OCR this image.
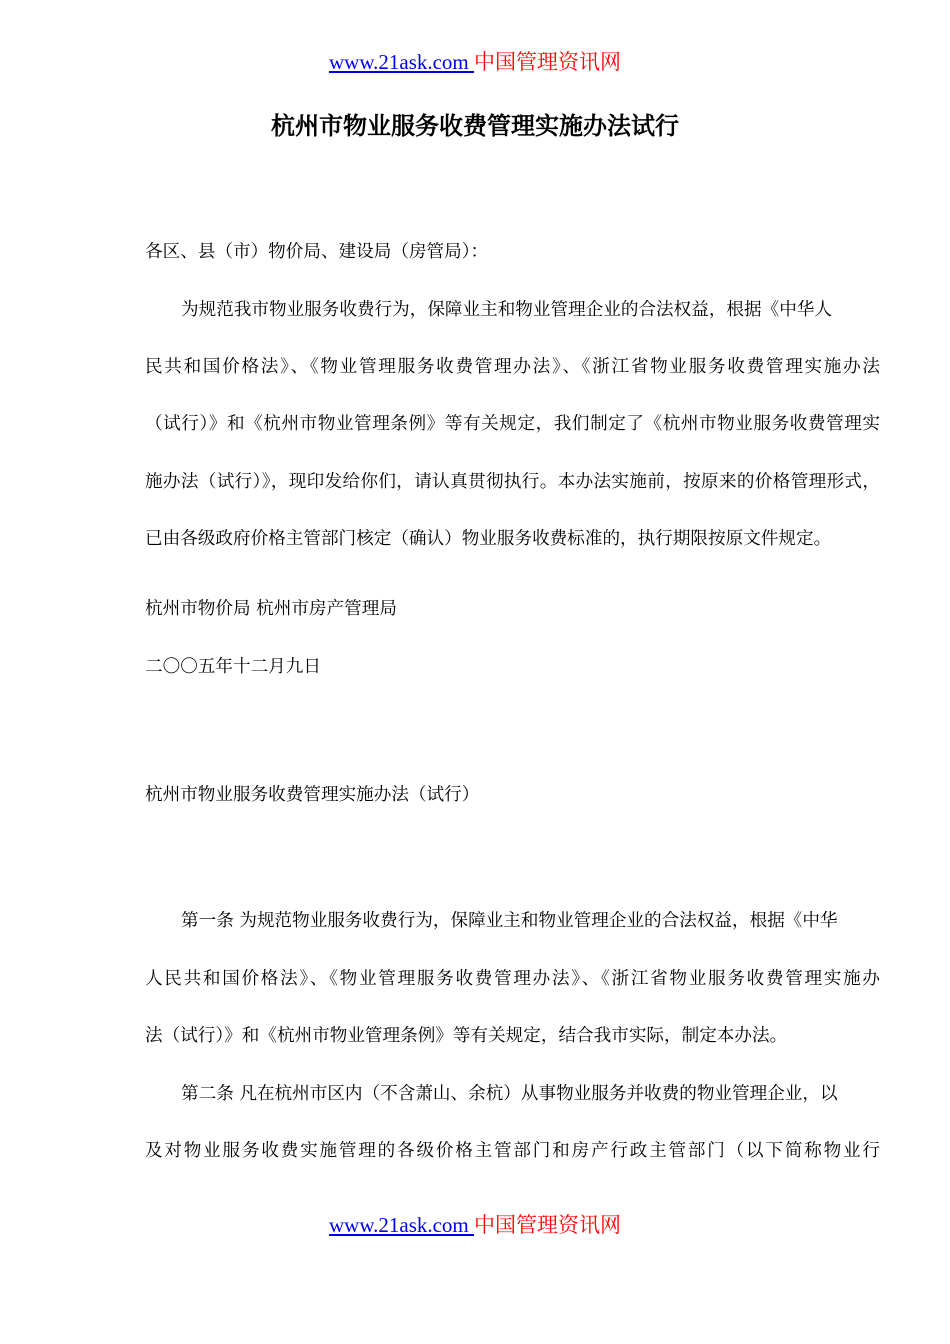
www.21ask.com 中国管理资讯网
杭州市物业服务收费管理实施办法试行
各区、县（市）物价局、建设局（房管局）：
为规范我市物业服务收费行为，保障业主和物业管理企业的合法权益，根据《中华人
民共和国价格法》、《物业管理服务收费管理办法》、《浙江省物业服务收费管理实施办法
（试行）》和《杭州市物业管理条例》等有关规定，我们制定了《杭州市物业服务收费管理实
施办法（试行）》，现印发给你们，请认真贯彻执行。本办法实施前，按原来的价格管理形式，
已由各级政府价格主管部门核定（确认）物业服务收费标准的，执行期限按原文件规定。
杭州市物价局 杭州市房产管理局
二〇〇五年十二月九日
杭州市物业服务收费管理实施办法（试行）
第一条 为规范物业服务收费行为，保障业主和物业管理企业的合法权益，根据《中华
人民共和国价格法》、《物业管理服务收费管理办法》、《浙江省物业服务收费管理实施办
法（试行）》和《杭州市物业管理条例》等有关规定，结合我市实际，制定本办法。
第二条 凡在杭州市区内（不含萧山、余杭）从事物业服务并收费的物业管理企业，以
及对物业服务收费实施管理的各级价格主管部门和房产行政主管部门（以下简称物业行
www.21ask.com 中国管理资讯网
